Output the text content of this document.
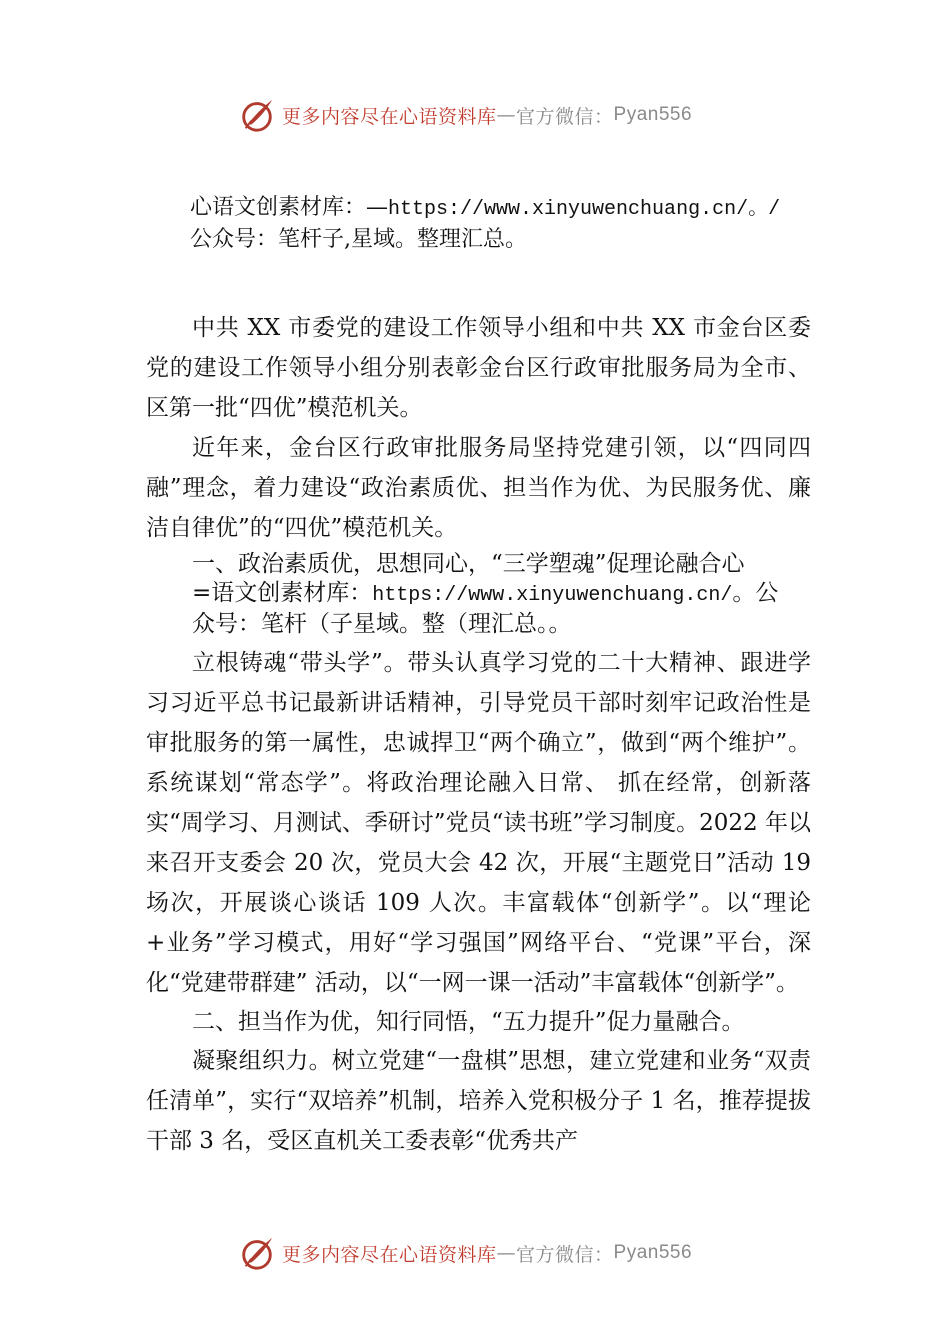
更多内容尽在心语资料库 — 官方微信： Pyan556
心语文创素材库：—https://www.xinyuwenchuang.cn/。/
公众号：笔杆子,星域。整理汇总。

中共 XX 市委党的建设工作领导小组和中共 XX 市金台区委党的建设工作领导小组分别表彰金台区行政审批服务局为全市、区第一批“四优”模范机关。

近年来，金台区行政审批服务局坚持党建引领，以“四同四融”理念，着力建设“政治素质优、担当作为优、为民服务优、廉洁自律优”的“四优”模范机关。

一、政治素质优，思想同心，“三学塑魂”促理论融合心
=语文创素材库：https://www.xinyuwenchuang.cn/。公
众号：笔杆（子星域。整（理汇总。。

立根铸魂“带头学”。带头认真学习党的二十大精神、跟进学习习近平总书记最新讲话精神，引导党员干部时刻牢记政治性是审批服务的第一属性，忠诚捍卫“两个确立”，做到“两个维护”。系统谋划“常态学”。将政治理论融入日常、 抓在经常，创新落实“周学习、月测试、季研讨”党员“读书班”学习制度。2022 年以来召开支委会 20 次，党员大会 42 次，开展“主题党日”活动 19 场次，开展谈心谈话 109 人次。丰富载体“创新学”。以“理论+业务”学习模式，用好“学习强国”网络平台、“党课”平台，深化“党建带群建” 活动，以“一网一课一活动”丰富载体“创新学”。

二、担当作为优，知行同悟，“五力提升”促力量融合。

凝聚组织力。树立党建“一盘棋”思想，建立党建和业务“双责任清单”，实行“双培养”机制，培养入党积极分子 1 名，推荐提拔干部 3 名，受区直机关工委表彰“优秀共产

更多内容尽在心语资料库 — 官方微信： Pyan556
